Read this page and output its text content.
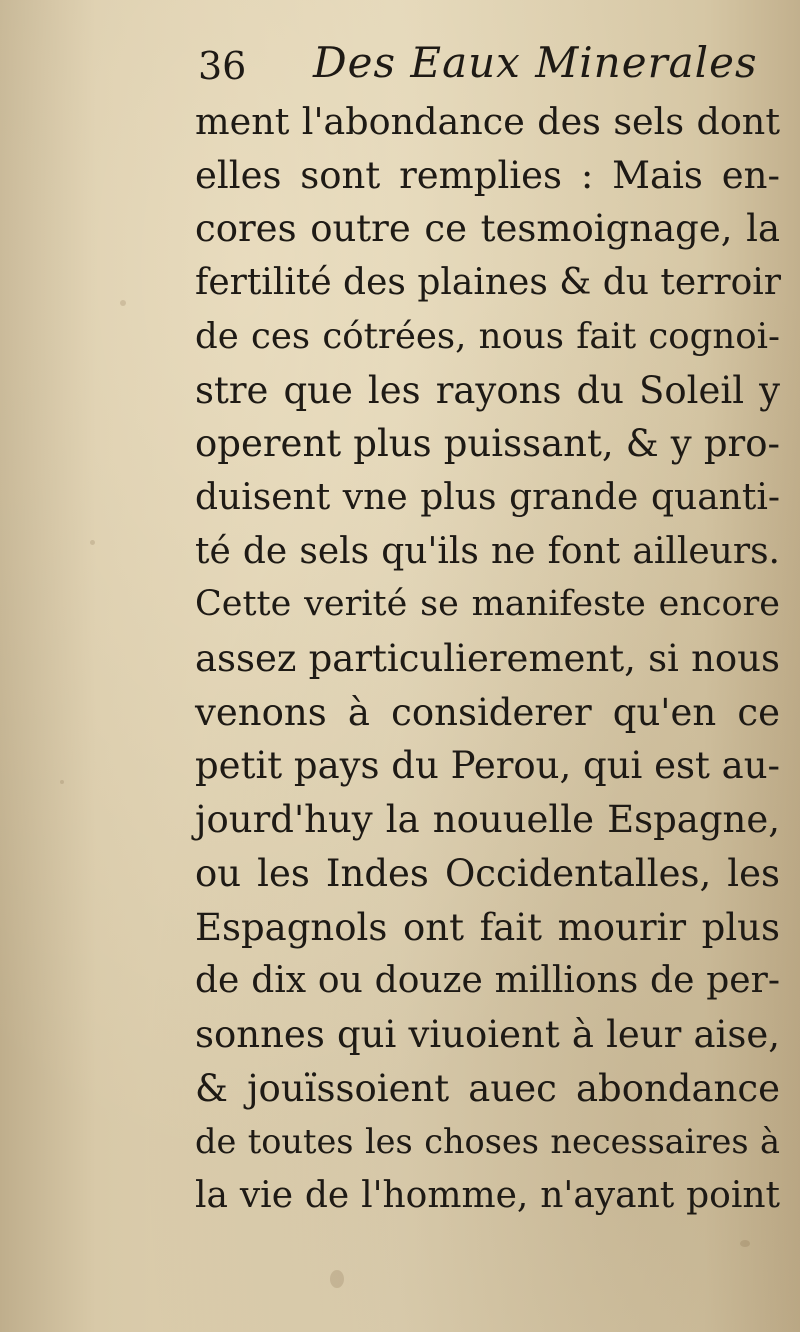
36 Des Eaux Minerales
ment l'abondance des sels dont
elles sont remplies : Mais en-
cores outre ce tesmoignage, la
fertilité des plaines & du terroir
de ces cótrées, nous fait cognoi-
stre que les rayons du Soleil y
operent plus puissant, & y pro-
duisent vne plus grande quanti-
té de sels qu'ils ne font ailleurs.
Cette verité se manifeste encore
assez particulierement, si nous
venons à considerer qu'en ce
petit pays du Perou, qui est au-
jourd'huy la nouuelle Espagne,
ou les Indes Occidentalles, les
Espagnols ont fait mourir plus
de dix ou douze millions de per-
sonnes qui viuoient à leur aise,
& jouïssoient auec abondance
de toutes les choses necessaires à
la vie de l'homme, n'ayant point
